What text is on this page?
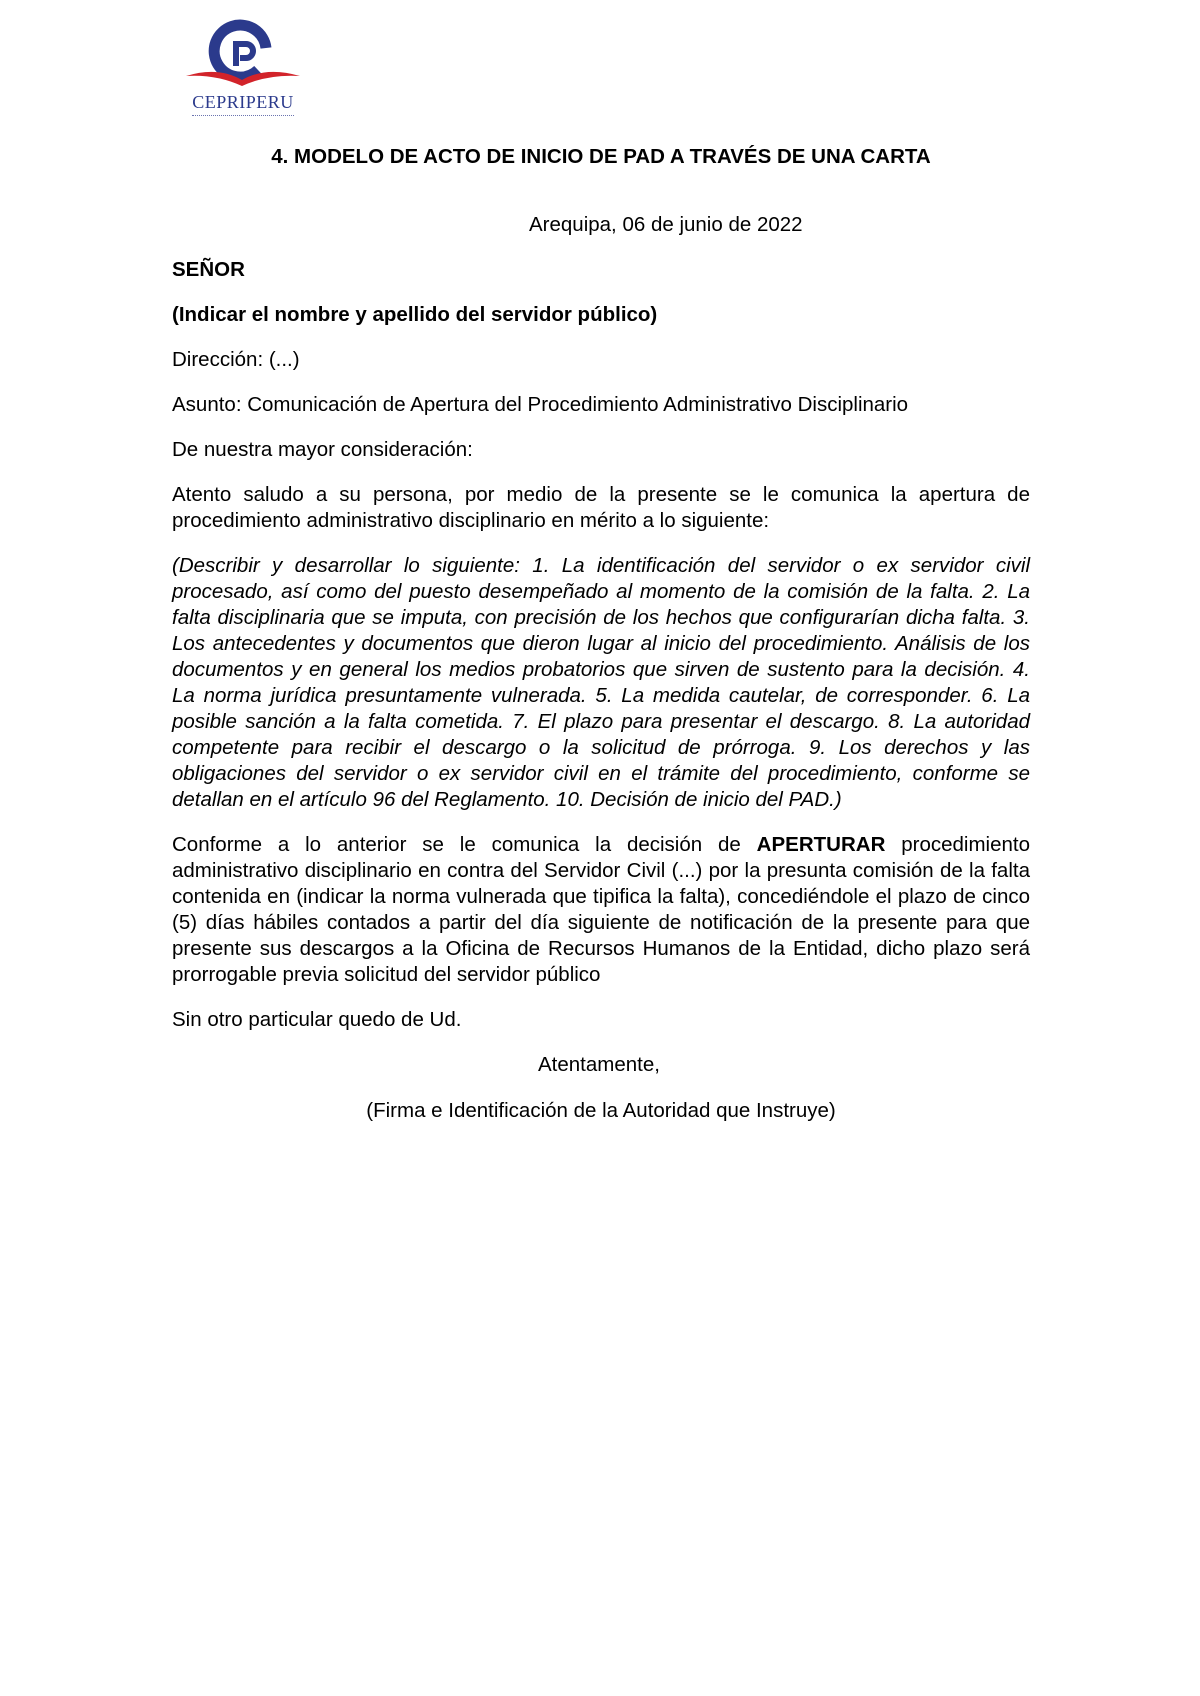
CEPRIPERU
4. MODELO DE ACTO DE INICIO DE PAD A TRAVÉS DE UNA CARTA
Arequipa, 06 de junio de 2022
SEÑOR
(Indicar el nombre y apellido del servidor público)
Dirección: (...)
Asunto: Comunicación de Apertura del Procedimiento Administrativo Disciplinario
De nuestra mayor consideración:
Atento saludo a su persona, por medio de la presente se le comunica la apertura de procedimiento administrativo disciplinario en mérito a lo siguiente:
(Describir y desarrollar lo siguiente: 1. La identificación del servidor o ex servidor civil procesado, así como del puesto desempeñado al momento de la comisión de la falta. 2. La falta disciplinaria que se imputa, con precisión de los hechos que configurarían dicha falta. 3. Los antecedentes y documentos que dieron lugar al inicio del procedimiento. Análisis de los documentos y en general los medios probatorios que sirven de sustento para la decisión. 4. La norma jurídica presuntamente vulnerada. 5. La medida cautelar, de corresponder. 6. La posible sanción a la falta cometida. 7. El plazo para presentar el descargo. 8. La autoridad competente para recibir el descargo o la solicitud de prórroga. 9. Los derechos y las obligaciones del servidor o ex servidor civil en el trámite del procedimiento, conforme se detallan en el artículo 96 del Reglamento. 10. Decisión de inicio del PAD.)
Conforme a lo anterior se le comunica la decisión de APERTURAR procedimiento administrativo disciplinario en contra del Servidor Civil (...) por la presunta comisión de la falta contenida en (indicar la norma vulnerada que tipifica la falta), concediéndole el plazo de cinco (5) días hábiles contados a partir del día siguiente de notificación de la presente para que presente sus descargos a la Oficina de Recursos Humanos de la Entidad, dicho plazo será prorrogable previa solicitud del servidor público
Sin otro particular quedo de Ud.
Atentamente,
(Firma e Identificación de la Autoridad que Instruye)
